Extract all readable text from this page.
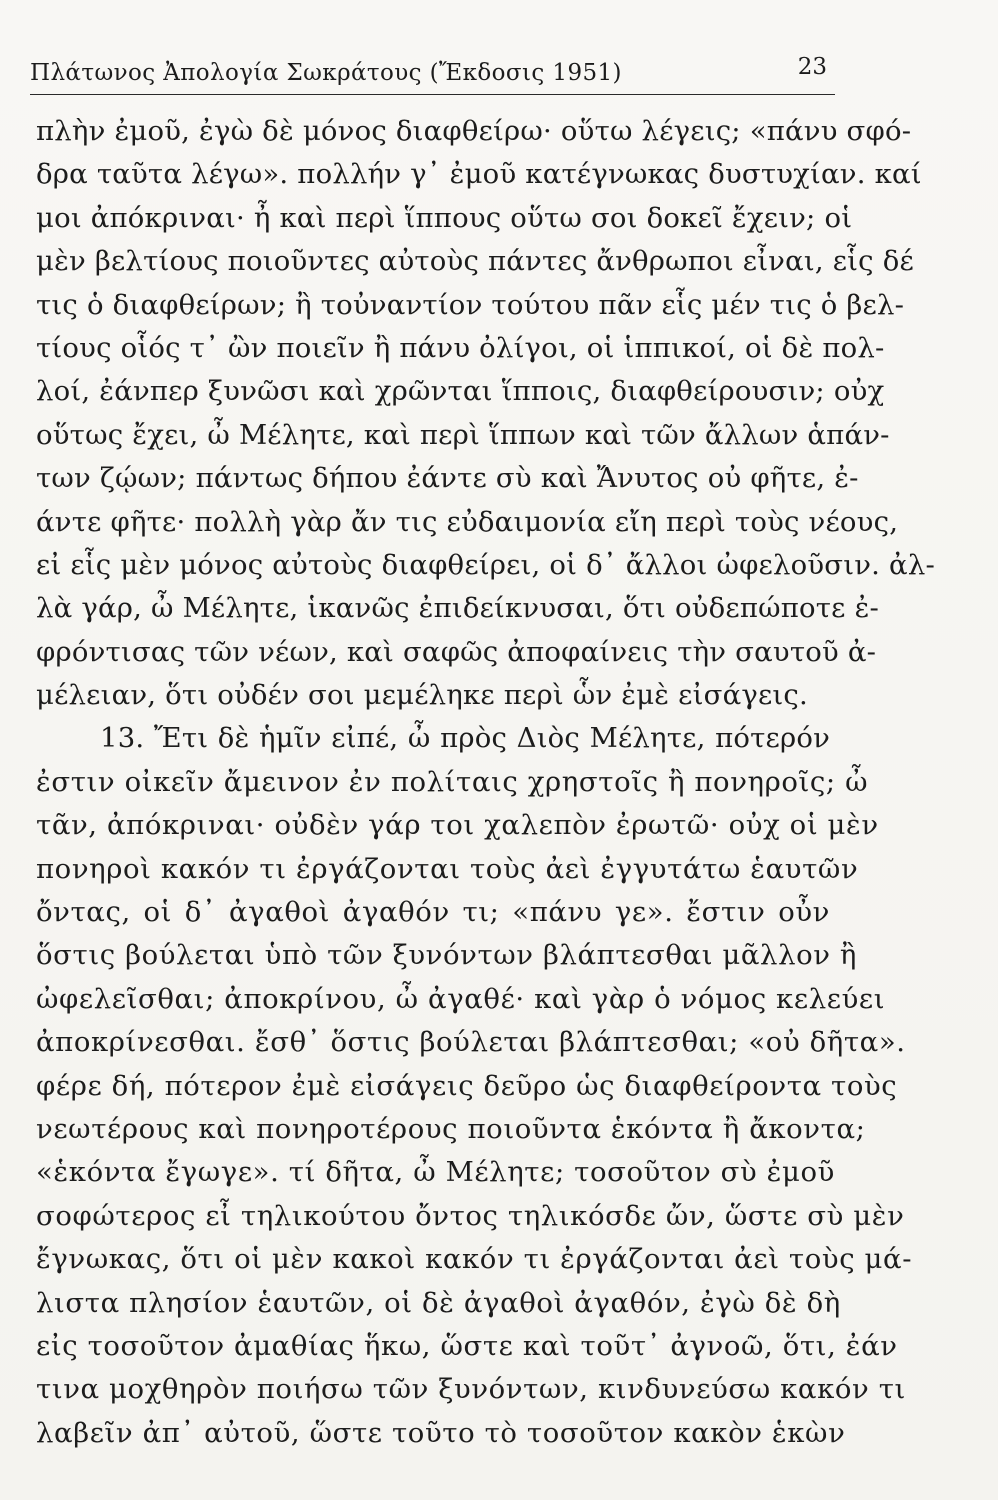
Πλάτωνος Ἀπολογία Σωκράτους (Ἔκδοσις 1951)	23
πλὴν ἐμοῦ, ἐγὼ δὲ μόνος διαφθείρω· οὕτω λέγεις; «πάνυ σφό-
δρα ταῦτα λέγω». πολλήν γ᾿ ἐμοῦ κατέγνωκας δυστυχίαν. καί
μοι ἀπόκριναι· ἦ καὶ περὶ ἵππους οὕτω σοι δοκεῖ ἔχειν; οἱ
μὲν βελτίους ποιοῦντες αὐτοὺς πάντες ἄνθρωποι εἶναι, εἷς δέ
τις ὁ διαφθείρων; ἢ τοὐναντίον τούτου πᾶν εἷς μέν τις ὁ βελ-
τίους οἷός τ᾿ ὢν ποιεῖν ἢ πάνυ ὀλίγοι, οἱ ἱππικοί, οἱ δὲ πολ-
λοί, ἐάνπερ ξυνῶσι καὶ χρῶνται ἵπποις, διαφθείρουσιν; οὐχ
οὕτως ἔχει, ὦ Μέλητε, καὶ περὶ ἵππων καὶ τῶν ἄλλων ἁπάν-
των ζῴων; πάντως δήπου ἐάντε σὺ καὶ Ἄνυτος οὐ φῆτε, ἐ-
άντε φῆτε· πολλὴ γὰρ ἄν τις εὐδαιμονία εἴη περὶ τοὺς νέους,
εἰ εἷς μὲν μόνος αὐτοὺς διαφθείρει, οἱ δ᾿ ἄλλοι ὠφελοῦσιν. ἀλ-
λὰ γάρ, ὦ Μέλητε, ἱκανῶς ἐπιδείκνυσαι, ὅτι οὐδεπώποτε ἐ-
φρόντισας τῶν νέων, καὶ σαφῶς ἀποφαίνεις τὴν σαυτοῦ ἀ-
μέλειαν, ὅτι οὐδέν σοι μεμέληκε περὶ ὧν ἐμὲ εἰσάγεις.
13. Ἔτι δὲ ἡμῖν εἰπέ, ὦ πρὸς Διὸς Μέλητε, πότερόν
ἐστιν οἰκεῖν ἄμεινον ἐν πολίταις χρηστοῖς ἢ πονηροῖς; ὦ
τᾶν, ἀπόκριναι· οὐδὲν γάρ τοι χαλεπὸν ἐρωτῶ· οὐχ οἱ μὲν
πονηροὶ κακόν τι ἐργάζονται τοὺς ἀεὶ ἐγγυτάτω ἑαυτῶν
ὄντας, οἱ δ᾿ ἀγαθοὶ ἀγαθόν τι; «πάνυ γε». ἔστιν οὖν
ὅστις βούλεται ὑπὸ τῶν ξυνόντων βλάπτεσθαι μᾶλλον ἢ
ὠφελεῖσθαι; ἀποκρίνου, ὦ ἀγαθέ· καὶ γὰρ ὁ νόμος κελεύει
ἀποκρίνεσθαι. ἔσθ᾿ ὅστις βούλεται βλάπτεσθαι; «οὐ δῆτα».
φέρε δή, πότερον ἐμὲ εἰσάγεις δεῦρο ὡς διαφθείροντα τοὺς
νεωτέρους καὶ πονηροτέρους ποιοῦντα ἑκόντα ἢ ἄκοντα;
«ἑκόντα ἔγωγε». τί δῆτα, ὦ Μέλητε; τοσοῦτον σὺ ἐμοῦ
σοφώτερος εἶ τηλικούτου ὄντος τηλικόσδε ὤν, ὥστε σὺ μὲν
ἔγνωκας, ὅτι οἱ μὲν κακοὶ κακόν τι ἐργάζονται ἀεὶ τοὺς μά-
λιστα πλησίον ἑαυτῶν, οἱ δὲ ἀγαθοὶ ἀγαθόν, ἐγὼ δὲ δὴ
εἰς τοσοῦτον ἀμαθίας ἥκω, ὥστε καὶ τοῦτ᾿ ἀγνοῶ, ὅτι, ἐάν
τινα μοχθηρὸν ποιήσω τῶν ξυνόντων, κινδυνεύσω κακόν τι
λαβεῖν ἀπ᾿ αὐτοῦ, ὥστε τοῦτο τὸ τοσοῦτον κακὸν ἑκὼν
